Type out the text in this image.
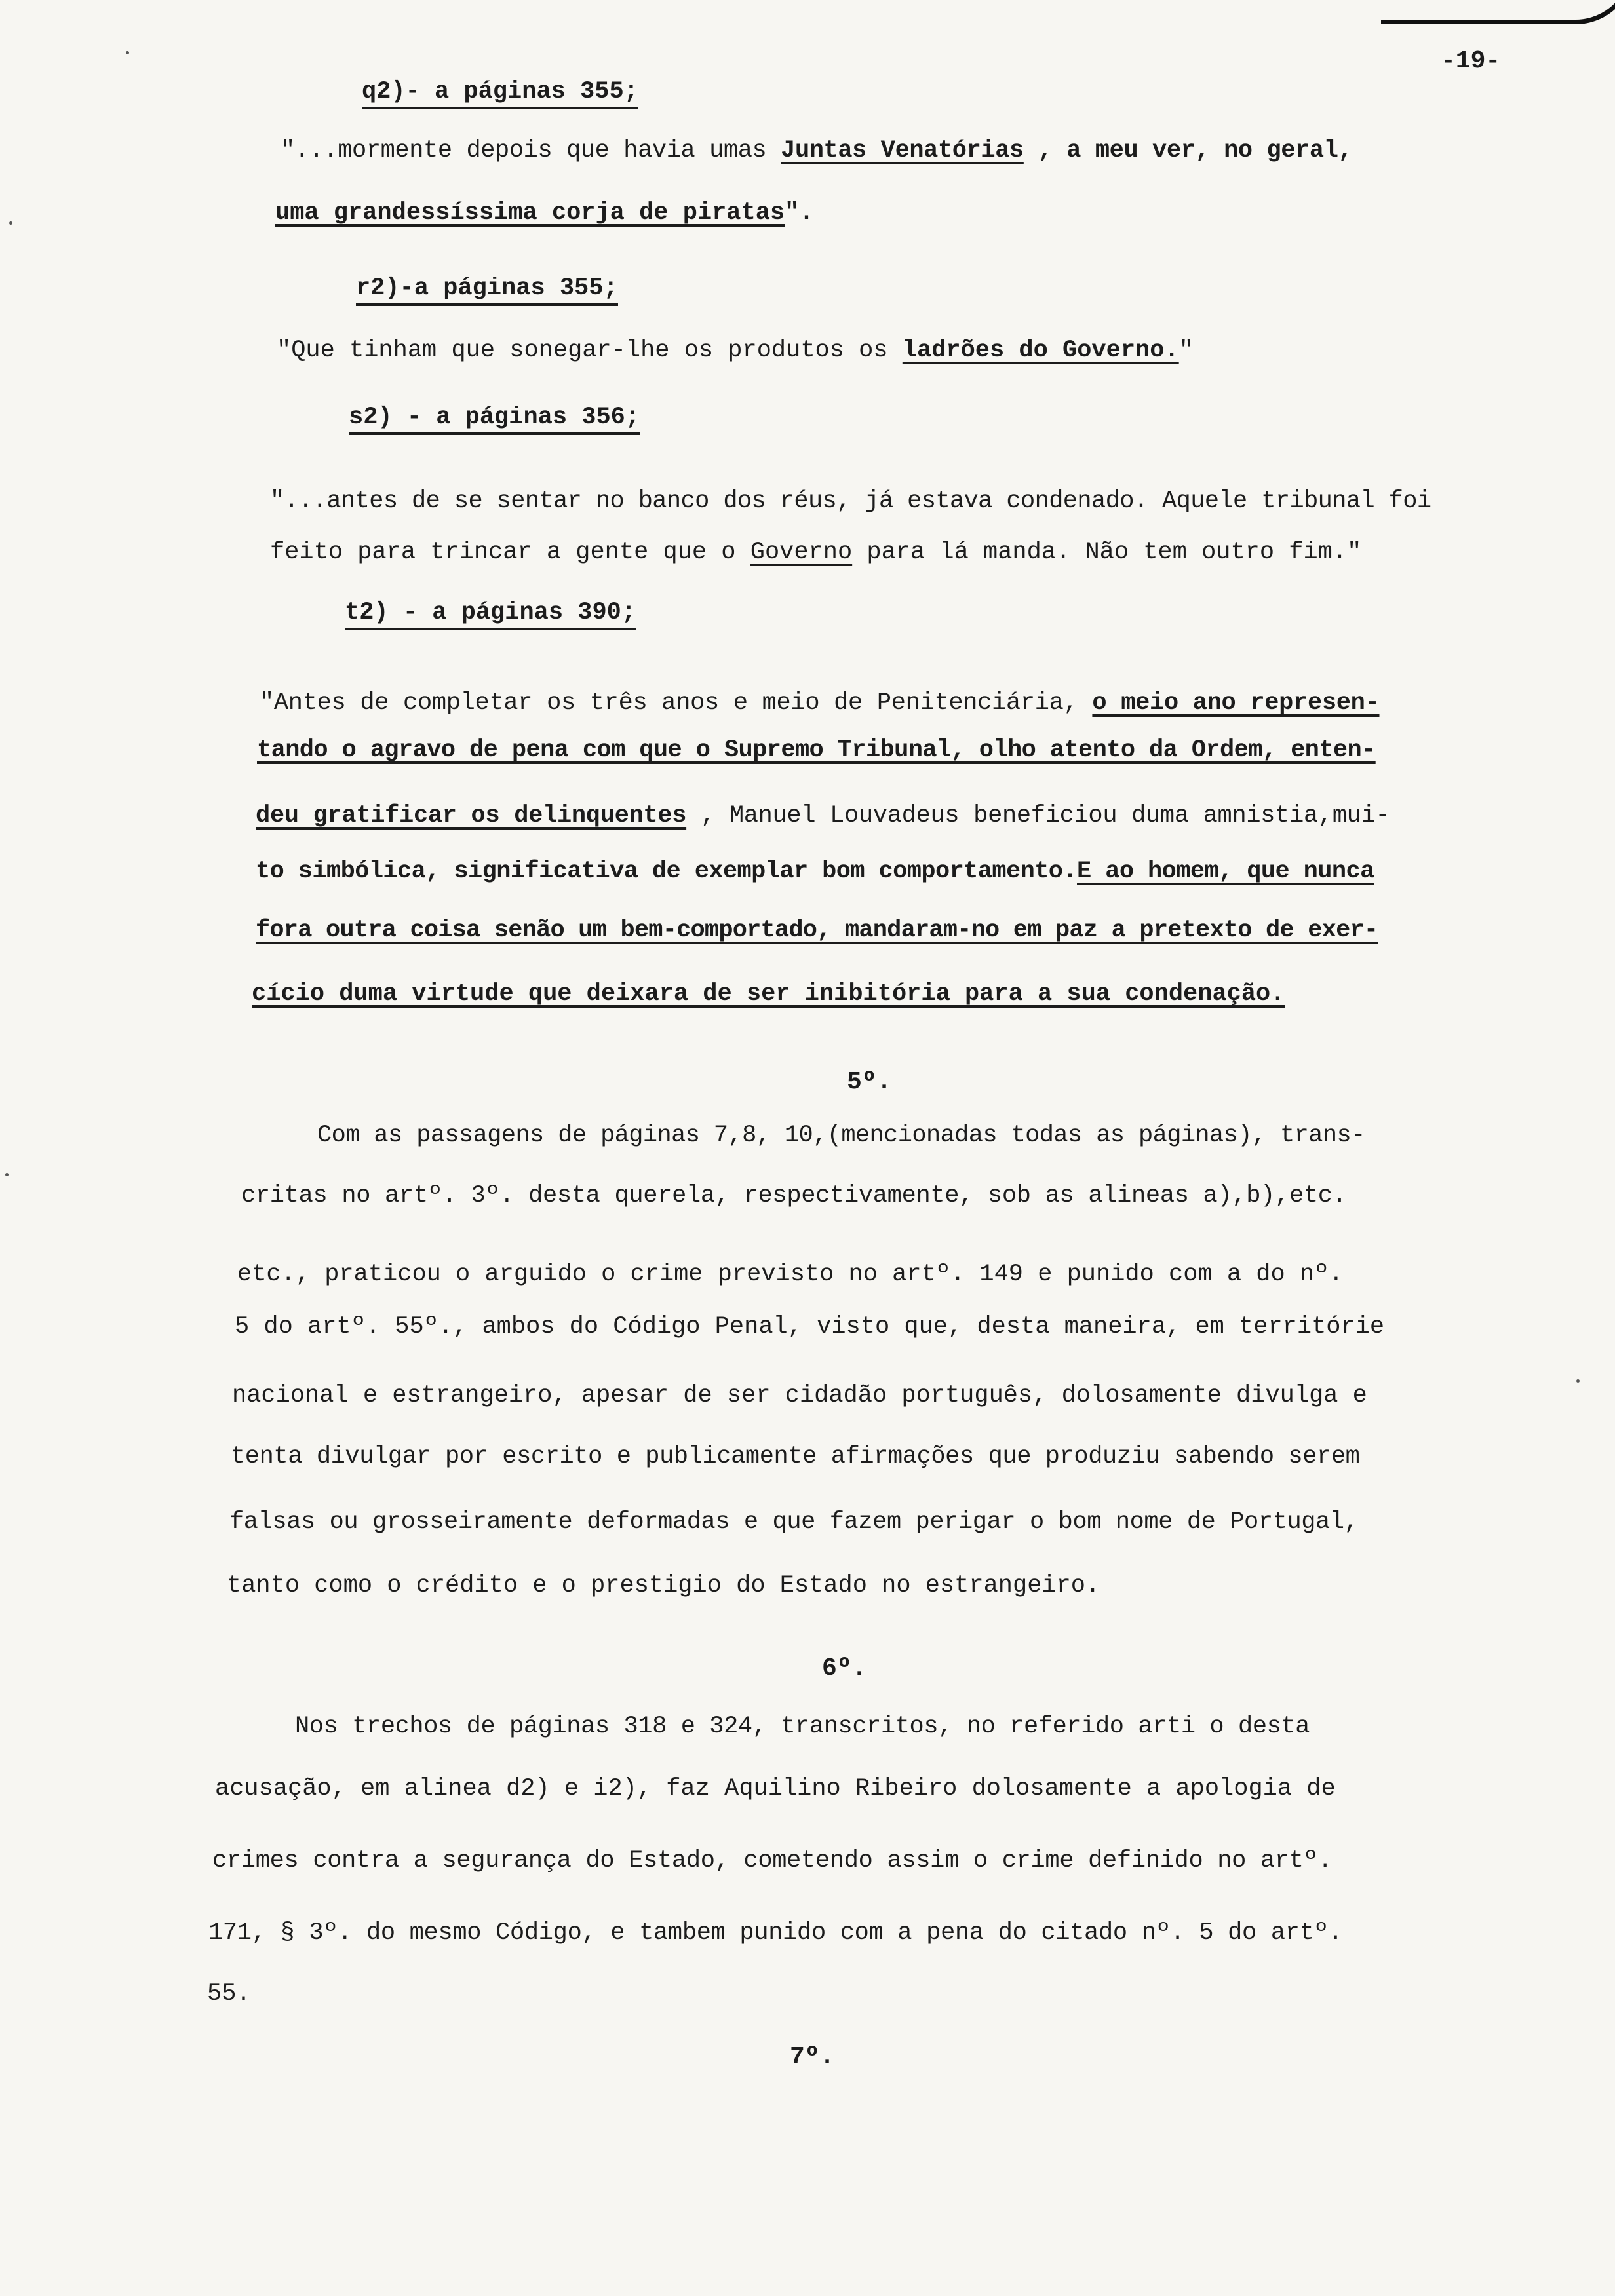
-19-
q2)- a páginas 355;
"...mormente depois que havia umas Juntas Venatórias , a meu ver, no geral,
uma grandessíssima corja de piratas".
r2)-a páginas 355;
"Que tinham que sonegar-lhe os produtos os ladrões do Governo."
s2) - a páginas 356;
"...antes de se sentar no banco dos réus, já estava condenado. Aquele tribunal foi
feito para trincar a gente que o Governo para lá manda. Não tem outro fim."
t2) - a páginas 390;
"Antes de completar os três anos e meio de Penitenciária, o meio ano represen-
tando o agravo de pena com que o Supremo Tribunal, olho atento da Ordem, enten-
deu gratificar os delinquentes , Manuel Louvadeus beneficiou duma amnistia,mui-
to simbólica, significativa de exemplar bom comportamento.E ao homem, que nunca
fora outra coisa senão um bem-comportado, mandaram-no em paz a pretexto de exer-
cício duma virtude que deixara de ser inibitória para a sua condenação.
5º.
Com as passagens de páginas 7,8, 10,(mencionadas todas as páginas), trans-
critas no artº. 3º. desta querela, respectivamente, sob as alineas a),b),etc.
etc., praticou o arguido o crime previsto no artº. 149 e punido com a do nº.
5 do artº. 55º., ambos do Código Penal, visto que, desta maneira, em territórie
nacional e estrangeiro, apesar de ser cidadão português, dolosamente divulga e
tenta divulgar por escrito e publicamente afirmações que produziu sabendo serem
falsas ou grosseiramente deformadas e que fazem perigar o bom nome de Portugal,
tanto como o crédito e o prestigio do Estado no estrangeiro.
6º.
Nos trechos de páginas 318 e 324, transcritos, no referido arti o desta
acusação, em alinea d2) e i2), faz Aquilino Ribeiro dolosamente a apologia de
crimes contra a segurança do Estado, cometendo assim o crime definido no artº.
171, § 3º. do mesmo Código, e tambem punido com a pena do citado nº. 5 do artº.
55.
7º.
